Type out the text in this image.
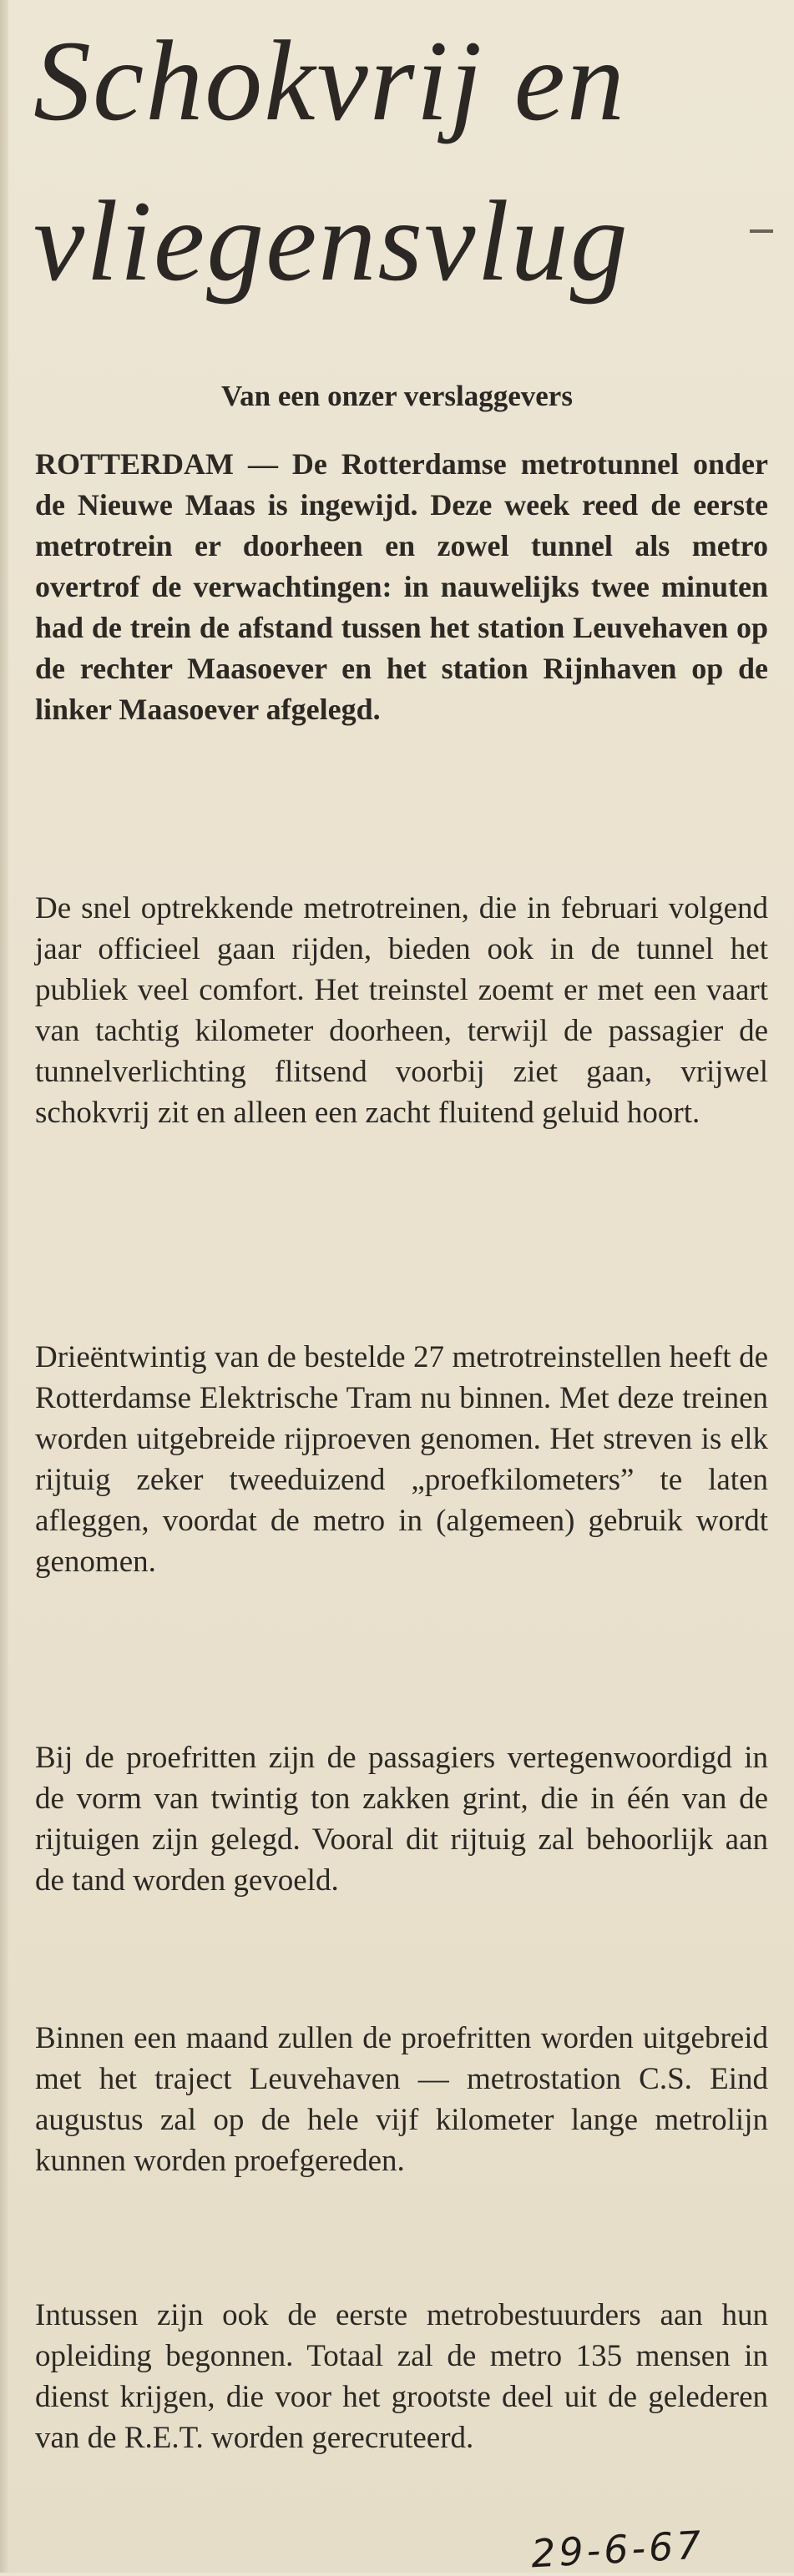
Schokvrij en
vliegensvlug
Van een onzer verslaggevers

ROTTERDAM — De Rotterdamse metrotunnel onder de Nieuwe Maas is ingewijd. Deze week reed de eerste metrotrein er doorheen en zowel tunnel als metro overtrof de verwachtingen: in nauwelijks twee minuten had de trein de afstand tussen het station Leuvehaven op de rechter Maasoever en het station Rijnhaven op de linker Maasoever afgelegd.

De snel optrekkende metrotreinen, die in februari volgend jaar officieel gaan rijden, bieden ook in de tunnel het publiek veel comfort. Het treinstel zoemt er met een vaart van tachtig kilometer doorheen, terwijl de passagier de tunnelverlichting flitsend voorbij ziet gaan, vrijwel schokvrij zit en alleen een zacht fluitend geluid hoort.

Drieëntwintig van de bestelde 27 metrotreinstellen heeft de Rotterdamse Elektrische Tram nu binnen. Met deze treinen worden uitgebreide rijproeven genomen. Het streven is elk rijtuig zeker tweeduizend „proefkilometers” te laten afleggen, voordat de metro in (algemeen) gebruik wordt genomen.

Bij de proefritten zijn de passagiers vertegenwoordigd in de vorm van twintig ton zakken grint, die in één van de rijtuigen zijn gelegd. Vooral dit rijtuig zal behoorlijk aan de tand worden gevoeld.

Binnen een maand zullen de proefritten worden uitgebreid met het traject Leuvehaven — metrostation C.S. Eind augustus zal op de hele vijf kilometer lange metrolijn kunnen worden proefgereden.

Intussen zijn ook de eerste metrobestuurders aan hun opleiding begonnen. Totaal zal de metro 135 mensen in dienst krijgen, die voor het grootste deel uit de gelederen van de R.E.T. worden gerecruteerd.

29-6-67
